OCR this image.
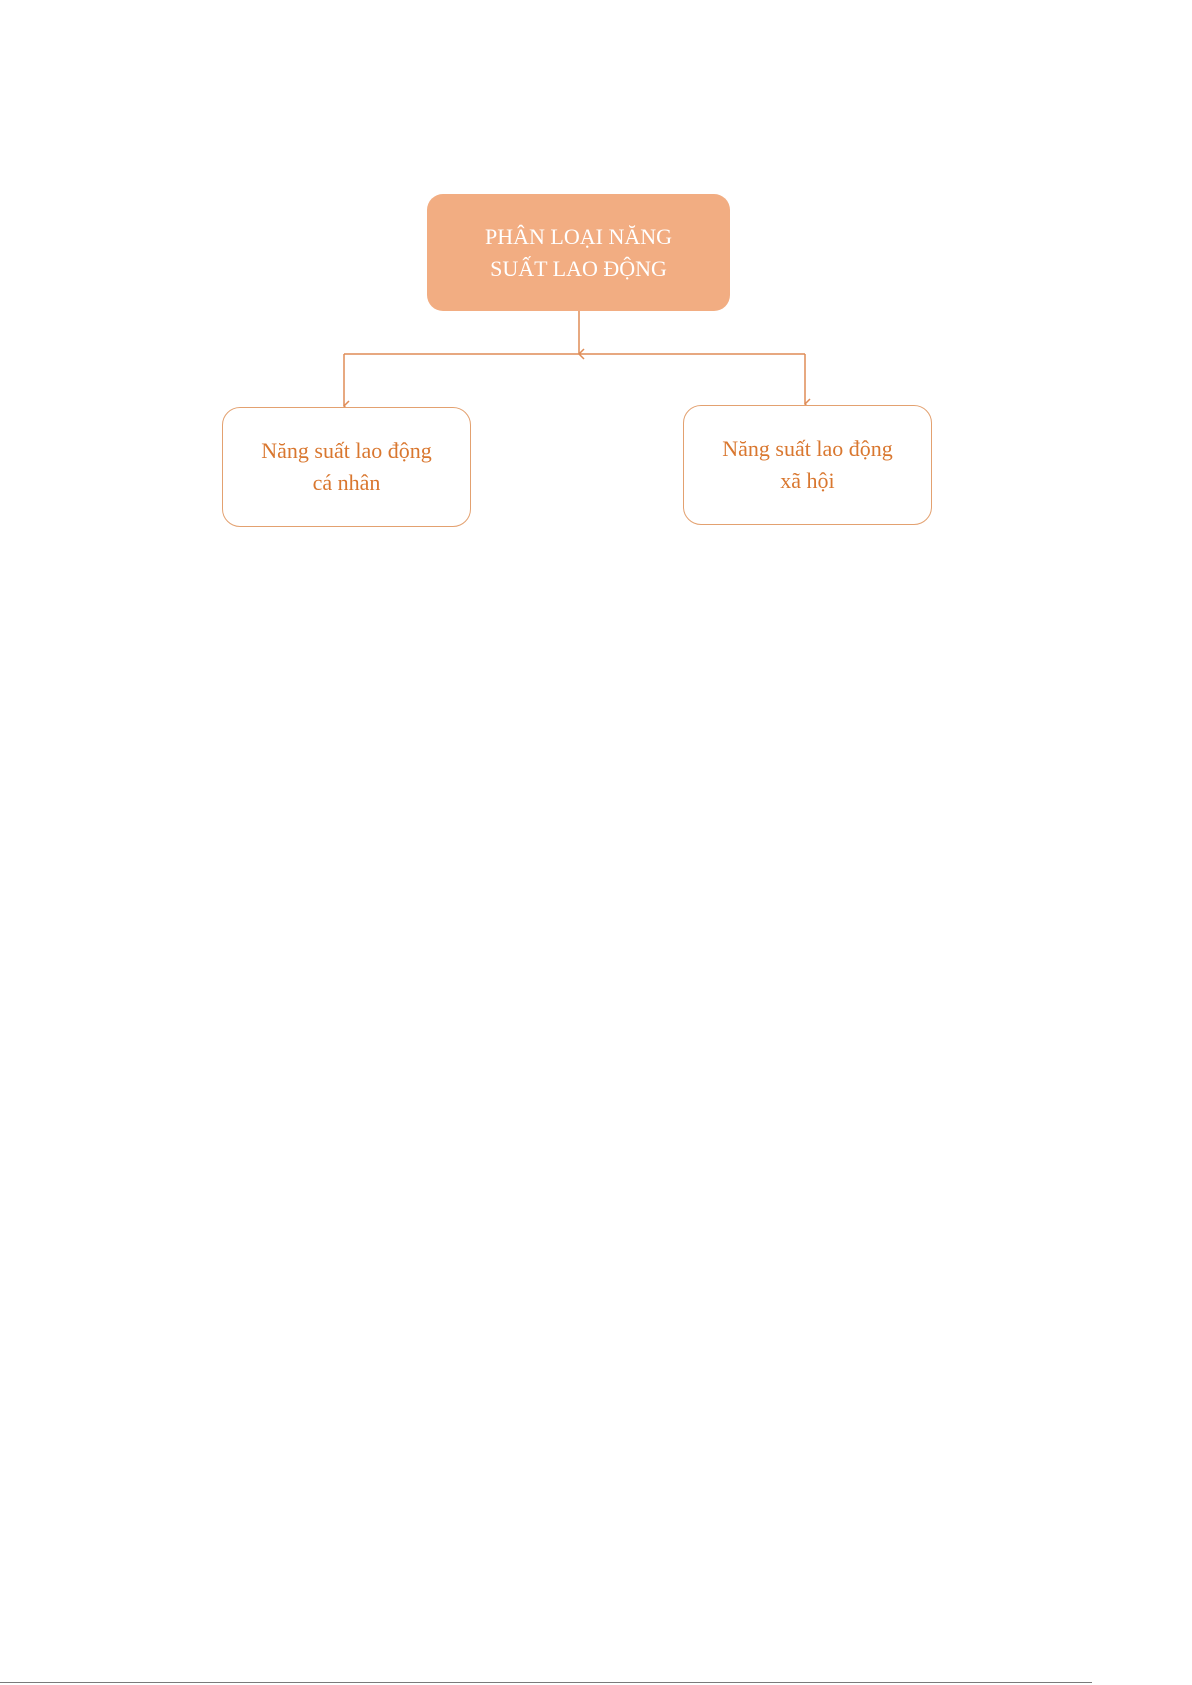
PHÂN LOẠI NĂNG
SUẤT LAO ĐỘNG
Năng suất lao động
cá nhân
Năng suất lao động
xã hội
